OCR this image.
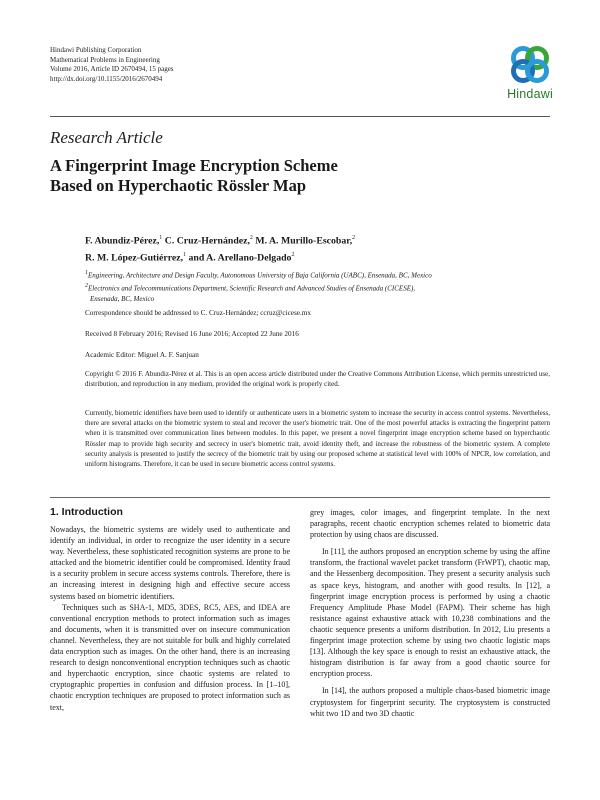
Hindawi Publishing Corporation
Mathematical Problems in Engineering
Volume 2016, Article ID 2670494, 15 pages
http://dx.doi.org/10.1155/2016/2670494
Hindawi
Research Article
A Fingerprint Image Encryption Scheme
Based on Hyperchaotic Rössler Map
F. Abundiz-Pérez,$^1$ C. Cruz-Hernández,$^2$ M. A. Murillo-Escobar,$^2$
R. M. López-Gutiérrez,$^1$ and A. Arellano-Delgado$^2$
$^1$Engineering, Architecture and Design Faculty, Autonomous University of Baja California (UABC), Ensenada, BC, Mexico
$^2$Electronics and Telecommunications Department, Scientific Research and Advanced Studies of Ensenada (CICESE),
Ensenada, BC, Mexico
Correspondence should be addressed to C. Cruz-Hernández; ccruz@cicese.mx
Received 8 February 2016; Revised 16 June 2016; Accepted 22 June 2016
Academic Editor: Miguel A. F. Sanjuan
Copyright © 2016 F. Abundiz-Pérez et al. This is an open access article distributed under the Creative Commons Attribution License, which permits unrestricted use, distribution, and reproduction in any medium, provided the original work is properly cited.
Currently, biometric identifiers have been used to identify or authenticate users in a biometric system to increase the security in access control systems. Nevertheless, there are several attacks on the biometric system to steal and recover the user's biometric trait. One of the most powerful attacks is extracting the fingerprint pattern when it is transmitted over communication lines between modules. In this paper, we present a novel fingerprint image encryption scheme based on hyperchaotic Rössler map to provide high security and secrecy in user's biometric trait, avoid identity theft, and increase the robustness of the biometric system. A complete security analysis is presented to justify the secrecy of the biometric trait by using our proposed scheme at statistical level with 100% of NPCR, low correlation, and uniform histograms. Therefore, it can be used in secure biometric access control systems.
1. Introduction

Nowadays, the biometric systems are widely used to authenticate and identify an individual, in order to recognize the user identity in a secure way. Nevertheless, these sophisticated recognition systems are prone to be attacked and the biometric identifier could be compromised. Identity fraud is a security problem in secure access systems controls. Therefore, there is an increasing interest in designing high and effective secure access systems based on biometric identifiers.

Techniques such as SHA-1, MD5, 3DES, RC5, AES, and IDEA are conventional encryption methods to protect information such as images and documents, when it is transmitted over on insecure communication channel. Nevertheless, they are not suitable for bulk and highly correlated data encryption such as images. On the other hand, there is an increasing research to design nonconventional encryption techniques such as chaotic and hyperchaotic encryption, since chaotic systems are related to cryptographic properties in confusion and diffusion process. In [1–10], chaotic encryption techniques are proposed to protect information such as text,

grey images, color images, and fingerprint template. In the next paragraphs, recent chaotic encryption schemes related to biometric data protection by using chaos are discussed.

In [11], the authors proposed an encryption scheme by using the affine transform, the fractional wavelet packet transform (FrWPT), chaotic map, and the Hessenberg decomposition. They present a security analysis such as space keys, histogram, and another with good results. In [12], a fingerprint image encryption process is performed by using a chaotic Frequency Amplitude Phase Model (FAPM). Their scheme has high resistance against exhaustive attack with 10,238 combinations and the chaotic sequence presents a uniform distribution. In 2012, Liu presents a fingerprint image protection scheme by using two chaotic logistic maps [13]. Although the key space is enough to resist an exhaustive attack, the histogram distribution is far away from a good chaotic source for encryption process.

In [14], the authors proposed a multiple chaos-based biometric image cryptosystem for fingerprint security. The cryptosystem is constructed whit two 1D and two 3D chaotic
